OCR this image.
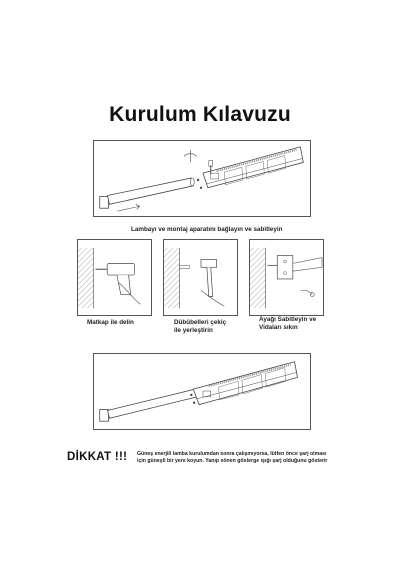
Kurulum Kılavuzu
Lambayı ve montaj aparatını bağlayın ve sabitleyin
Matkap ile delin	Dübübelleri çekiç
ile yerleştirin
Ayağı Sabitleyin ve
Vidaları sıkın
DİKKAT !!! Güneş enerjili lamba kurulumdan sonra çalışmıyorsa, lütfen önce şarj olması
için güneşli bir yere koyun. Yanıp sönen gösterge ışığı şarj olduğunu gösterir
